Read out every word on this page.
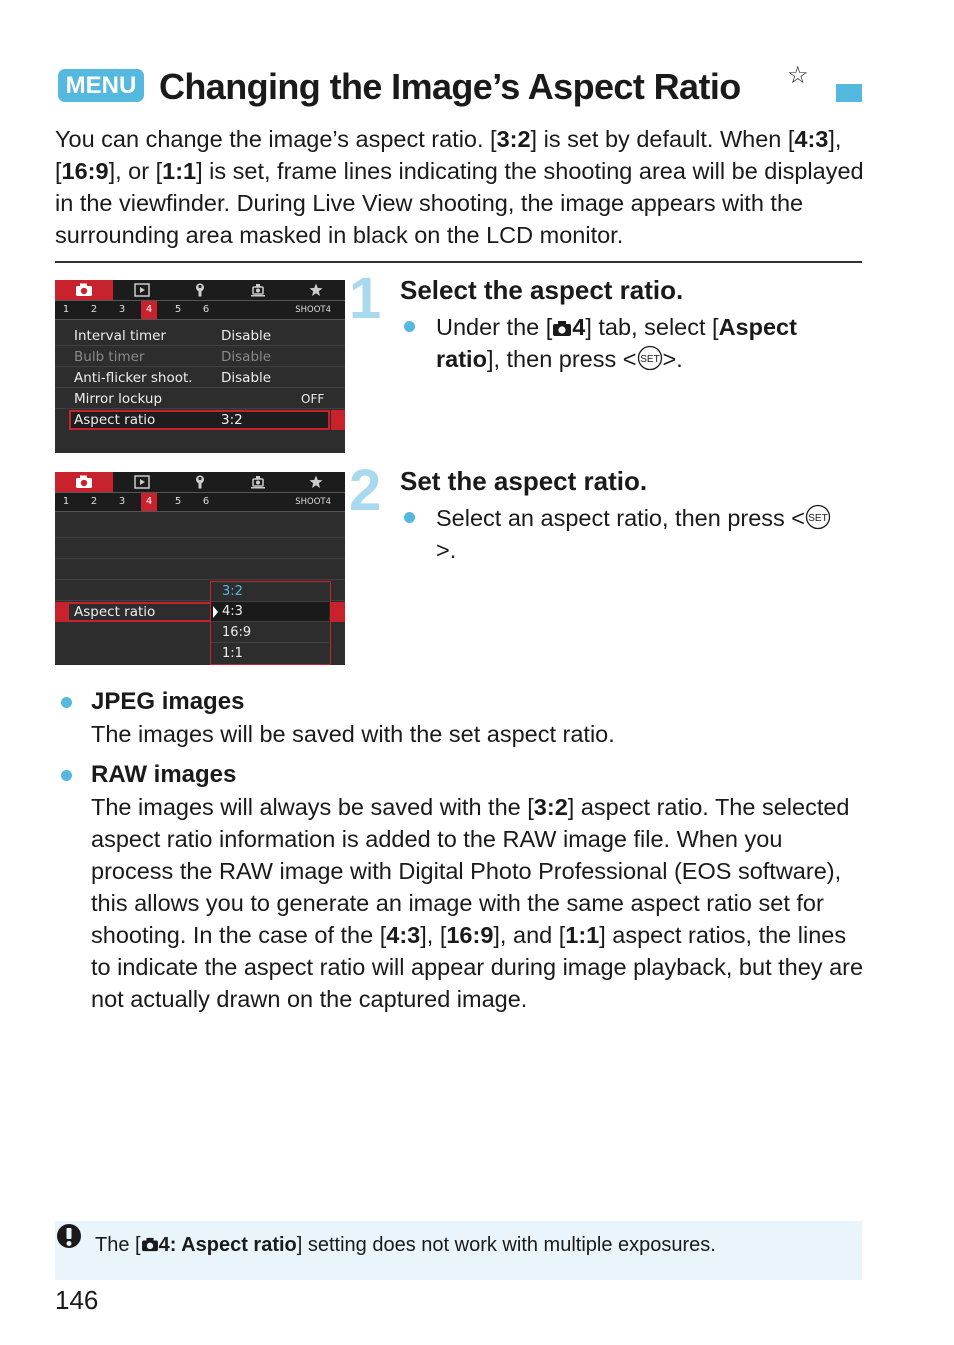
MENU Changing the Image’s Aspect Ratio ☆
You can change the image’s aspect ratio. [3:2] is set by default. When [4:3], [16:9], or [1:1] is set, frame lines indicating the shooting area will be displayed in the viewfinder. During Live View shooting, the image appears with the surrounding area masked in black on the LCD monitor.
1	2	3	4	5	6	SHOOT4
Interval timer	Disable
Bulb timer	Disable
Anti-flicker shoot. Disable
Mirror lockup	OFF
Aspect ratio	3:2
1	2	3	4	5	6	SHOOT4
Aspect ratio
3:2
4:3
16:9
1:1
1 Select the aspect ratio.
Under the [ 4] tab, select [Aspect ratio], then press < SET >.
2 Set the aspect ratio.
Select an aspect ratio, then press < SET
>.
JPEG images
The images will be saved with the set aspect ratio.
RAW images
The images will always be saved with the [3:2] aspect ratio. The selected aspect ratio information is added to the RAW image file. When you process the RAW image with Digital Photo Professional (EOS software), this allows you to generate an image with the same aspect ratio set for shooting. In the case of the [4:3], [16:9], and [1:1] aspect ratios, the lines to indicate the aspect ratio will appear during image playback, but they are not actually drawn on the captured image.
The [ 4: Aspect ratio] setting does not work with multiple exposures.
146
